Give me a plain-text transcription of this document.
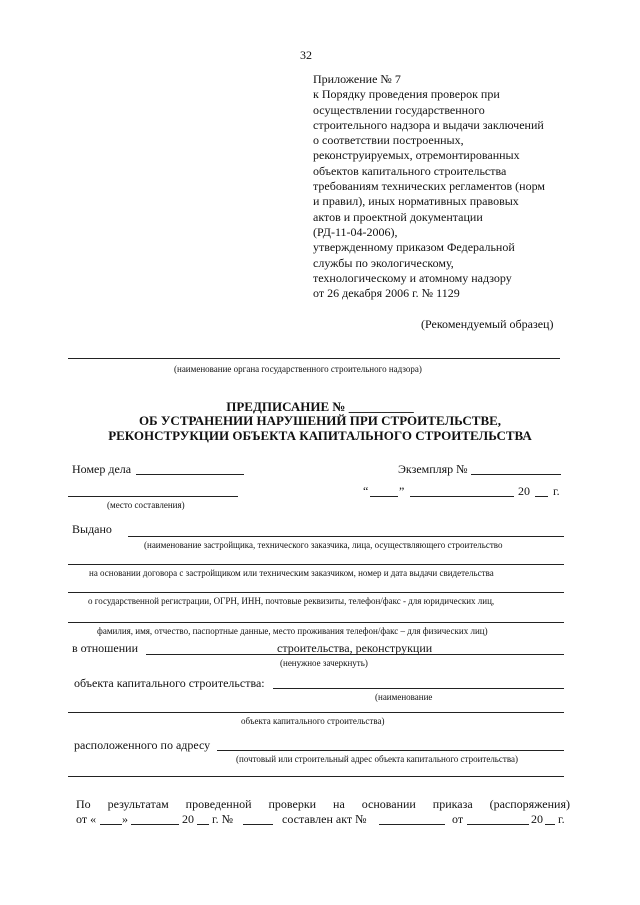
32
Приложение № 7
к Порядку проведения проверок при
осуществлении государственного
строительного надзора и выдачи заключений
о соответствии построенных,
реконструируемых, отремонтированных
объектов капитального строительства
требованиям технических регламентов (норм
и правил), иных нормативных правовых
актов и проектной документации
(РД-11-04-2006),
утвержденному приказом Федеральной
службы по экологическому,
технологическому и атомному надзору
от 26 декабря 2006 г. № 1129
(Рекомендуемый образец)
(наименование органа государственного строительного надзора)
ПРЕДПИСАНИЕ № __________
ОБ УСТРАНЕНИИ НАРУШЕНИЙ ПРИ СТРОИТЕЛЬСТВЕ,
РЕКОНСТРУКЦИИ ОБЪЕКТА КАПИТАЛЬНОГО СТРОИТЕЛЬСТВА
Номер дела	Экземпляр №
(место составления)
“	”	20 г.
Выдано
(наименование застройщика, технического заказчика, лица, осуществляющего строительство
на основании договора с застройщиком или техническим заказчиком, номер и дата выдачи свидетельства
о государственной регистрации, ОГРН, ИНН, почтовые реквизиты, телефон/факс - для юридических лиц,
фамилия, имя, отчество, паспортные данные, место проживания телефон/факс – для физических лиц)
в отношении	строительства, реконструкции
(ненужное зачеркнуть)
объекта капитального строительства:
(наименование
объекта капитального строительства)
расположенного по адресу
(почтовый или строительный адрес объекта капитального строительства)
По результатам проведенной проверки на основании приказа (распоряжения)
от « »	20 г. №	составлен акт №	от	20 г.
